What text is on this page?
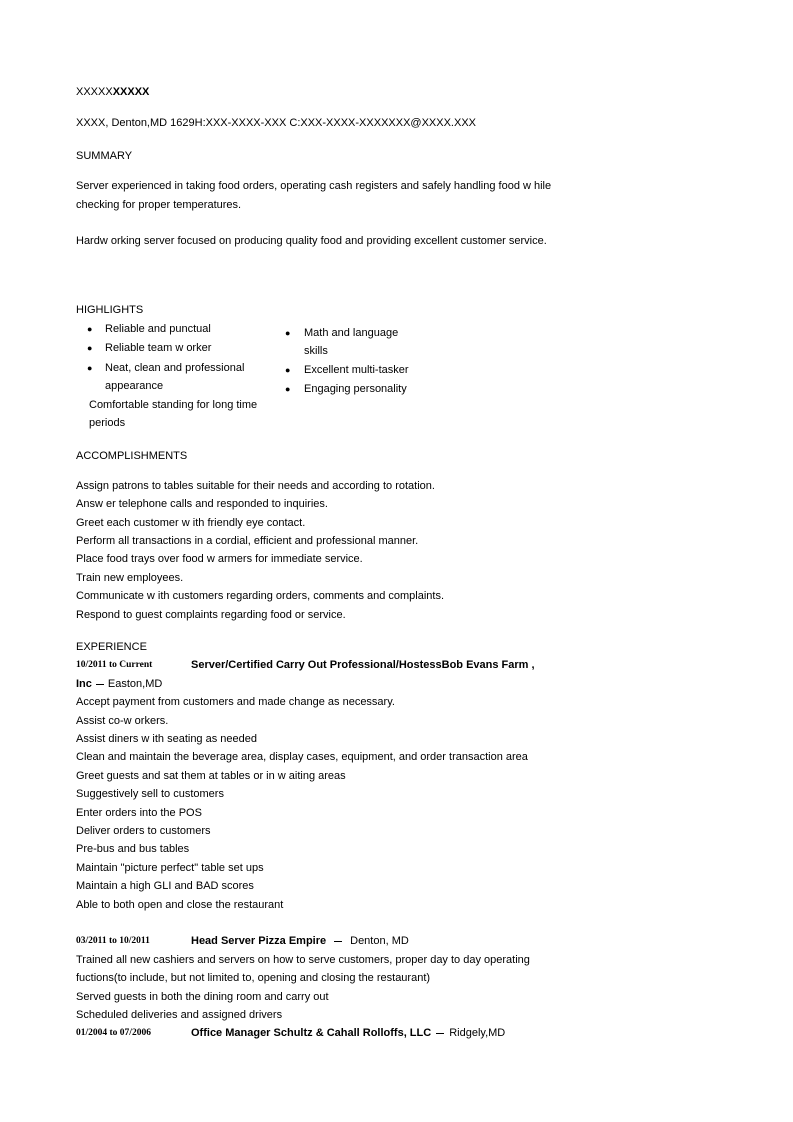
XXXXXXXXXX
XXXX, Denton,MD 1629H:XXX-XXXX-XXX C:XXX-XXXX-XXXXXXX@XXXX.XXX
SUMMARY
Server experienced in taking food orders, operating cash registers and safely handling food w hile
checking for proper temperatures.
Hardw orking server focused on producing quality food and providing excellent customer service.
HIGHLIGHTS
● Reliable and punctual
● Reliable team w orker
● Neat, clean and professional
appearance
Comfortable standing for long time
periods
● Math and language
skills
● Excellent multi-tasker
● Engaging personality
ACCOMPLISHMENTS
Assign patrons to tables suitable for their needs and according to rotation.
Answ er telephone calls and responded to inquiries.
Greet each customer w ith friendly eye contact.
Perform all transactions in a cordial, efficient and professional manner.
Place food trays over food w armers for immediate service.
Train new employees.
Communicate w ith customers regarding orders, comments and complaints.
Respond to guest complaints regarding food or service.
EXPERIENCE
10/2011 to Current	Server/Certified Carry Out Professional/HostessBob Evans Farm ,
Inc Easton,MD
Accept payment from customers and made change as necessary.
Assist co-w orkers.
Assist diners w ith seating as needed
Clean and maintain the beverage area, display cases, equipment, and order transaction area
Greet guests and sat them at tables or in w aiting areas
Suggestively sell to customers
Enter orders into the POS
Deliver orders to customers
Pre-bus and bus tables
Maintain "picture perfect" table set ups
Maintain a high GLI and BAD scores
Able to both open and close the restaurant
03/2011 to 10/2011	Head Server Pizza Empire Denton, MD
Trained all new cashiers and servers on how to serve customers, proper day to day operating
fuctions(to include, but not limited to, opening and closing the restaurant)
Served guests in both the dining room and carry out
Scheduled deliveries and assigned drivers
01/2004 to 07/2006	Office Manager Schultz & Cahall Rolloffs, LLC Ridgely,MD
